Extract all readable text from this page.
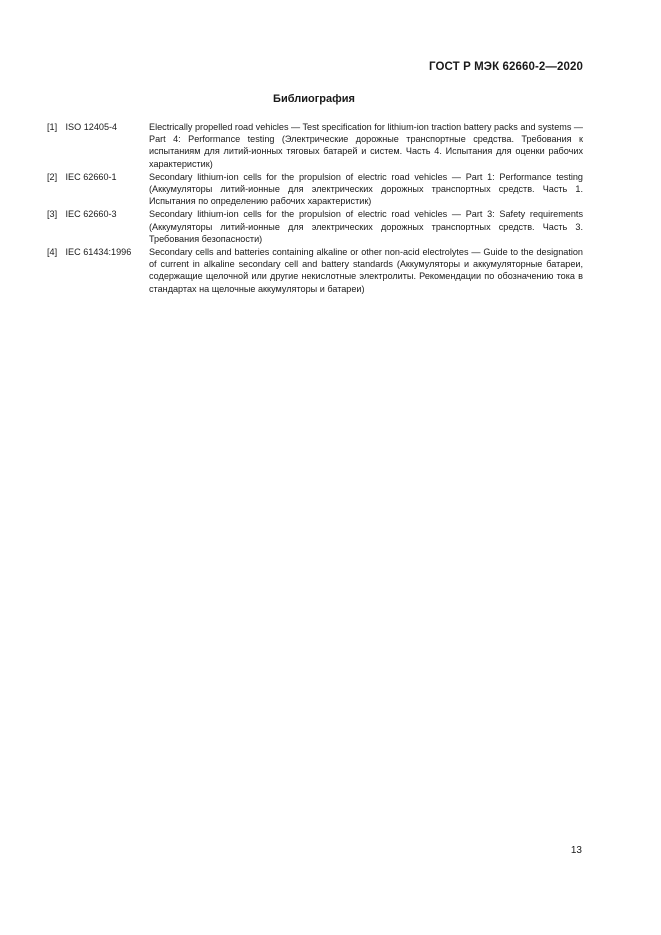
ГОСТ Р МЭК 62660-2—2020
Библиография
[1] ISO 12405-4	Electrically propelled road vehicles — Test specification for lithium-ion traction battery packs and systems — Part 4: Performance testing (Электрические дорожные транспортные средства. Требования к испытаниям для литий-ионных тяговых батарей и систем. Часть 4. Испытания для оценки рабочих характеристик)
[2] IEC 62660-1	Secondary lithium-ion cells for the propulsion of electric road vehicles — Part 1: Performance testing (Аккумуляторы литий-ионные для электрических дорожных транспортных средств. Часть 1. Испытания по определению рабочих характеристик)
[3] IEC 62660-3	Secondary lithium-ion cells for the propulsion of electric road vehicles — Part 3: Safety requirements (Аккумуляторы литий-ионные для электрических дорожных транспортных средств. Часть 3. Требования безопасности)
[4] IEC 61434:1996	Secondary cells and batteries containing alkaline or other non-acid electrolytes — Guide to the designation of current in alkaline secondary cell and battery standards (Аккумуляторы и аккумуляторные батареи, содержащие щелочной или другие некислотные электролиты. Рекомендации по обозначению тока в стандартах на щелочные аккумуляторы и батареи)
13
